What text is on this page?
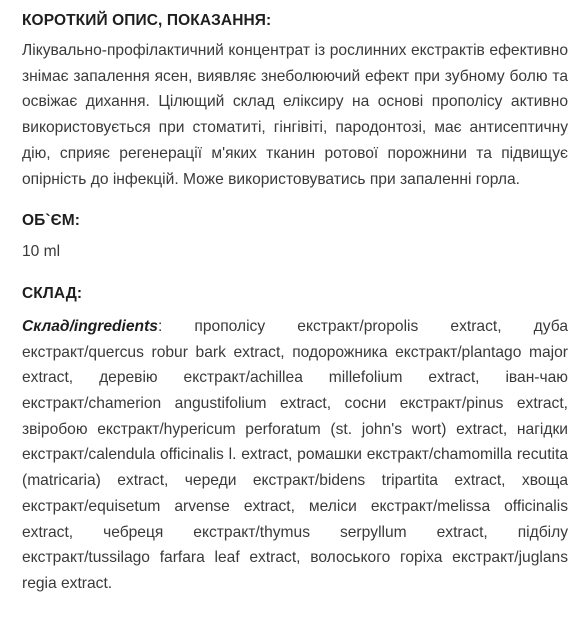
КОРОТКИЙ ОПИС, ПОКАЗАННЯ:

Лікувально-профілактичний концентрат із рослинних екстрактів ефективно знімає запалення ясен, виявляє знеболюючий ефект при зубному болю та освіжає дихання. Цілющий склад еліксиру на основі прополісу активно використовується при стоматиті, гінгівіті, пародонтозі, має антисептичну дію, сприяє регенерації м'яких тканин ротової порожнини та підвищує опірність до інфекцій. Може використовуватись при запаленні горла.

ОБ`ЄМ:

10 ml

СКЛАД:

Склад/ingredients: прополісу екстракт/propolis extract, дуба екстракт/quercus robur bark extract, подорожника екстракт/plantago major extract, деревію екстракт/achillea millefolium extract, іван-чаю екстракт/chamerion angustifolium extract, сосни екстракт/pinus extract, звіробою екстракт/hypericum perforatum (st. john's wort) extract, нагідки екстракт/calendula officinalis l. extract, ромашки екстракт/chamomilla recutita (matricaria) extract, череди екстракт/bidens tripartita extract, хвоща екстракт/equisetum arvense extract, меліси екстракт/melissa officinalis extract, чебреця екстракт/thymus serpyllum extract, підбілу екстракт/tussilago farfara leaf extract, волоського горіха екстракт/juglans regia extract.
